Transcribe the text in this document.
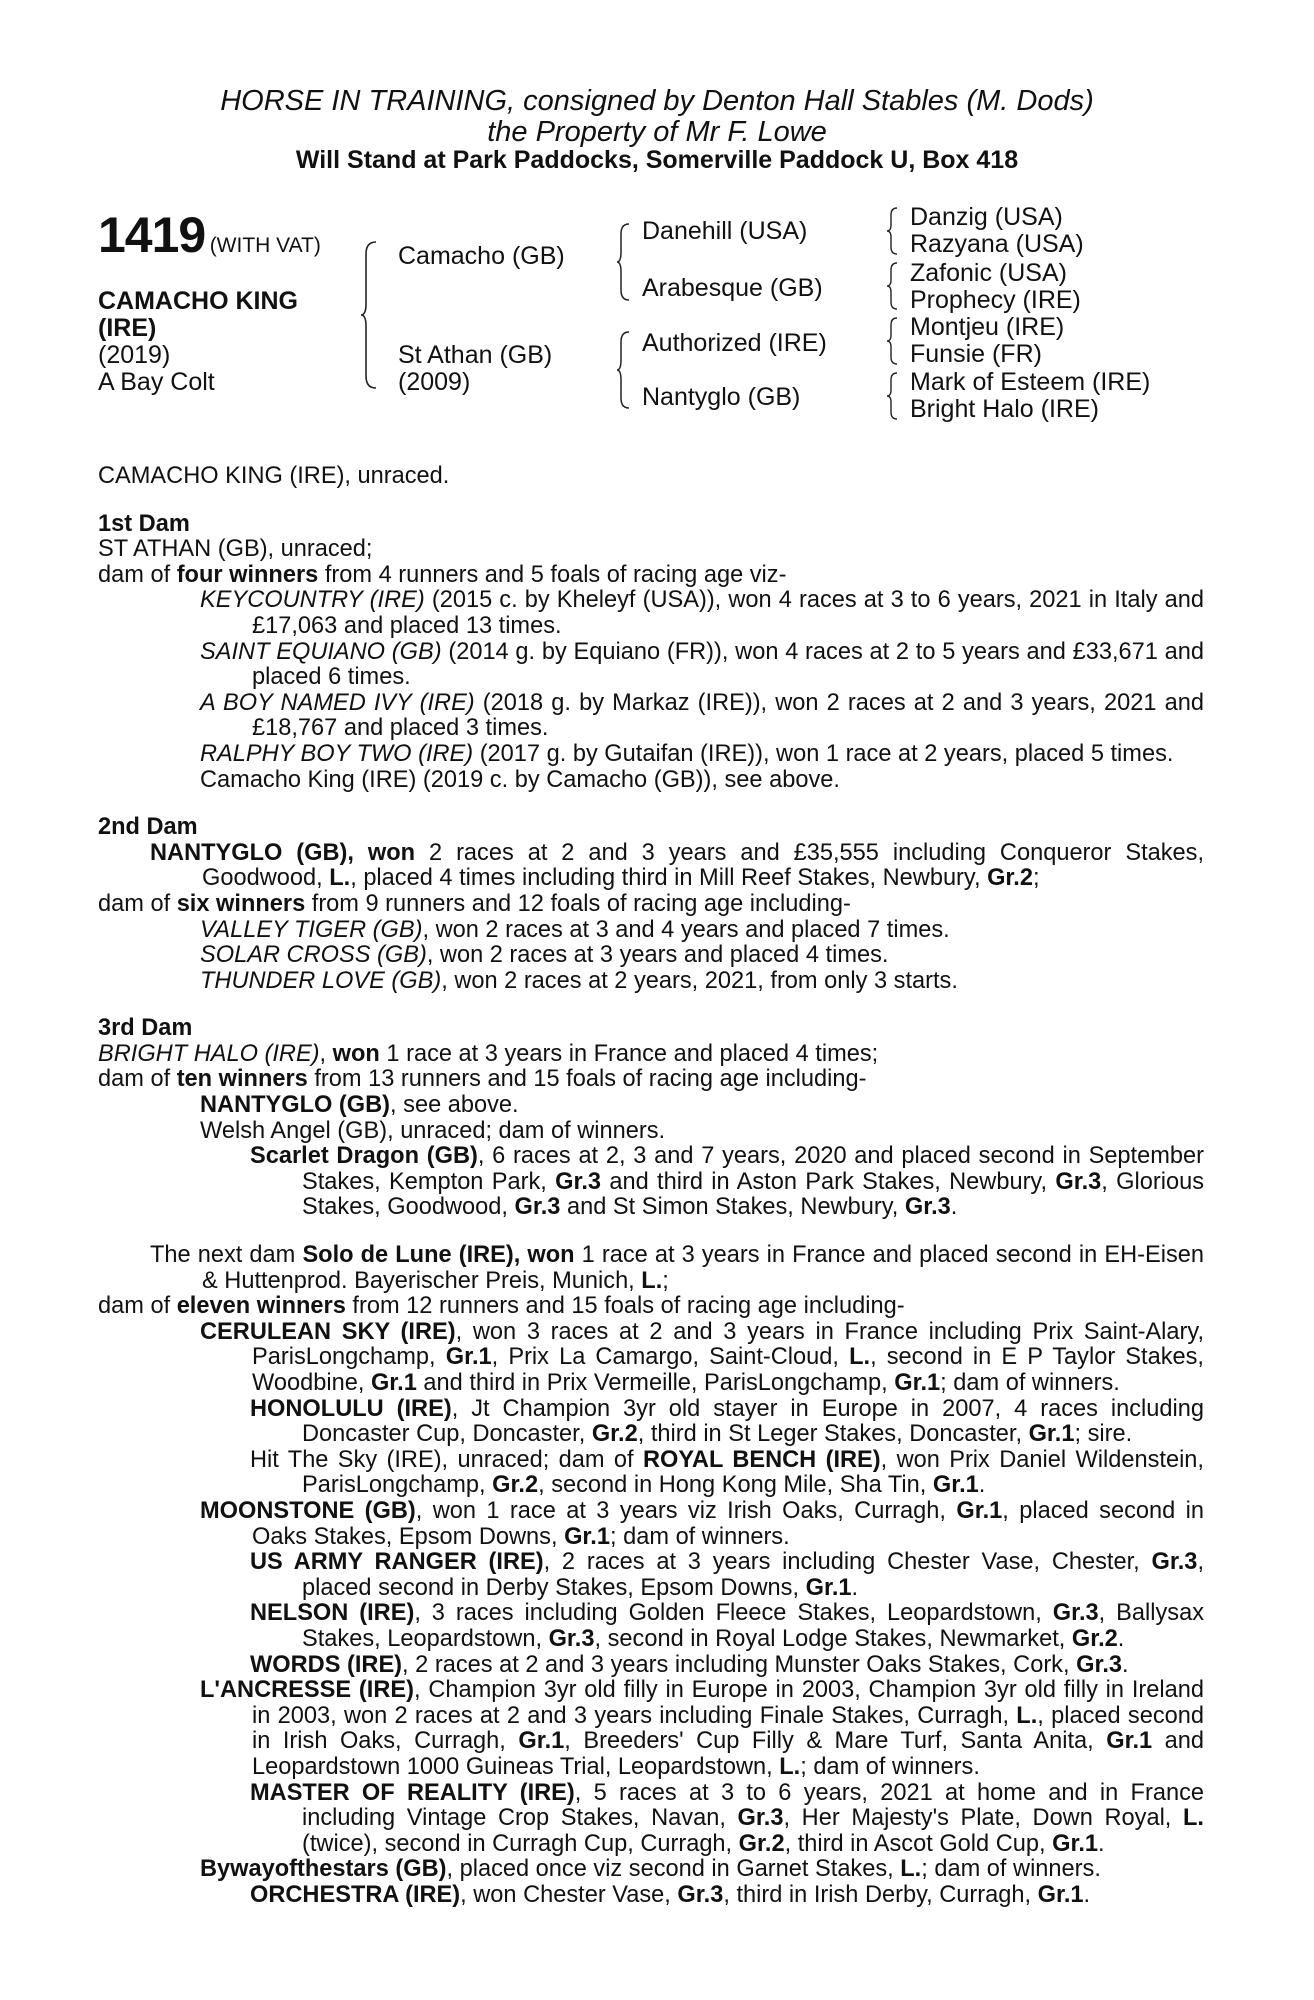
HORSE IN TRAINING, consigned by Denton Hall Stables (M. Dods)
the Property of Mr F. Lowe
Will Stand at Park Paddocks, Somerville Paddock U, Box 418
1419 (WITH VAT)
CAMACHO KING
(IRE)
(2019)
A Bay Colt
Camacho (GB)
St Athan (GB)
(2009)
Danehill (USA)
Arabesque (GB)
Authorized (IRE)
Nantyglo (GB)
Danzig (USA)
Razyana (USA)
Zafonic (USA)
Prophecy (IRE)
Montjeu (IRE)
Funsie (FR)
Mark of Esteem (IRE)
Bright Halo (IRE)

CAMACHO KING (IRE), unraced.

1st Dam

ST ATHAN (GB), unraced;

dam of four winners from 4 runners and 5 foals of racing age viz-

KEYCOUNTRY (IRE) (2015 c. by Kheleyf (USA)), won 4 races at 3 to 6 years, 2021 in Italy and £17,063 and placed 13 times.

SAINT EQUIANO (GB) (2014 g. by Equiano (FR)), won 4 races at 2 to 5 years and £33,671 and placed 6 times.

A BOY NAMED IVY (IRE) (2018 g. by Markaz (IRE)), won 2 races at 2 and 3 years, 2021 and £18,767 and placed 3 times.

RALPHY BOY TWO (IRE) (2017 g. by Gutaifan (IRE)), won 1 race at 2 years, placed 5 times.

Camacho King (IRE) (2019 c. by Camacho (GB)), see above.

2nd Dam

NANTYGLO (GB), won 2 races at 2 and 3 years and £35,555 including Conqueror Stakes, Goodwood, L., placed 4 times including third in Mill Reef Stakes, Newbury, Gr.2;

dam of six winners from 9 runners and 12 foals of racing age including-

VALLEY TIGER (GB), won 2 races at 3 and 4 years and placed 7 times.

SOLAR CROSS (GB), won 2 races at 3 years and placed 4 times.

THUNDER LOVE (GB), won 2 races at 2 years, 2021, from only 3 starts.

3rd Dam

BRIGHT HALO (IRE), won 1 race at 3 years in France and placed 4 times;

dam of ten winners from 13 runners and 15 foals of racing age including-

NANTYGLO (GB), see above.

Welsh Angel (GB), unraced; dam of winners.

Scarlet Dragon (GB), 6 races at 2, 3 and 7 years, 2020 and placed second in September Stakes, Kempton Park, Gr.3 and third in Aston Park Stakes, Newbury, Gr.3, Glorious Stakes, Goodwood, Gr.3 and St Simon Stakes, Newbury, Gr.3.

The next dam Solo de Lune (IRE), won 1 race at 3 years in France and placed second in EH-Eisen & Huttenprod. Bayerischer Preis, Munich, L.;

dam of eleven winners from 12 runners and 15 foals of racing age including-

CERULEAN SKY (IRE), won 3 races at 2 and 3 years in France including Prix Saint-Alary, ParisLongchamp, Gr.1, Prix La Camargo, Saint-Cloud, L., second in E P Taylor Stakes, Woodbine, Gr.1 and third in Prix Vermeille, ParisLongchamp, Gr.1; dam of winners.

HONOLULU (IRE), Jt Champion 3yr old stayer in Europe in 2007, 4 races including Doncaster Cup, Doncaster, Gr.2, third in St Leger Stakes, Doncaster, Gr.1; sire.

Hit The Sky (IRE), unraced; dam of ROYAL BENCH (IRE), won Prix Daniel Wildenstein, ParisLongchamp, Gr.2, second in Hong Kong Mile, Sha Tin, Gr.1.

MOONSTONE (GB), won 1 race at 3 years viz Irish Oaks, Curragh, Gr.1, placed second in Oaks Stakes, Epsom Downs, Gr.1; dam of winners.

US ARMY RANGER (IRE), 2 races at 3 years including Chester Vase, Chester, Gr.3, placed second in Derby Stakes, Epsom Downs, Gr.1.

NELSON (IRE), 3 races including Golden Fleece Stakes, Leopardstown, Gr.3, Ballysax Stakes, Leopardstown, Gr.3, second in Royal Lodge Stakes, Newmarket, Gr.2.

WORDS (IRE), 2 races at 2 and 3 years including Munster Oaks Stakes, Cork, Gr.3.

L'ANCRESSE (IRE), Champion 3yr old filly in Europe in 2003, Champion 3yr old filly in Ireland in 2003, won 2 races at 2 and 3 years including Finale Stakes, Curragh, L., placed second in Irish Oaks, Curragh, Gr.1, Breeders' Cup Filly & Mare Turf, Santa Anita, Gr.1 and Leopardstown 1000 Guineas Trial, Leopardstown, L.; dam of winners.

MASTER OF REALITY (IRE), 5 races at 3 to 6 years, 2021 at home and in France including Vintage Crop Stakes, Navan, Gr.3, Her Majesty's Plate, Down Royal, L. (twice), second in Curragh Cup, Curragh, Gr.2, third in Ascot Gold Cup, Gr.1.

Bywayofthestars (GB), placed once viz second in Garnet Stakes, L.; dam of winners.

ORCHESTRA (IRE), won Chester Vase, Gr.3, third in Irish Derby, Curragh, Gr.1.
